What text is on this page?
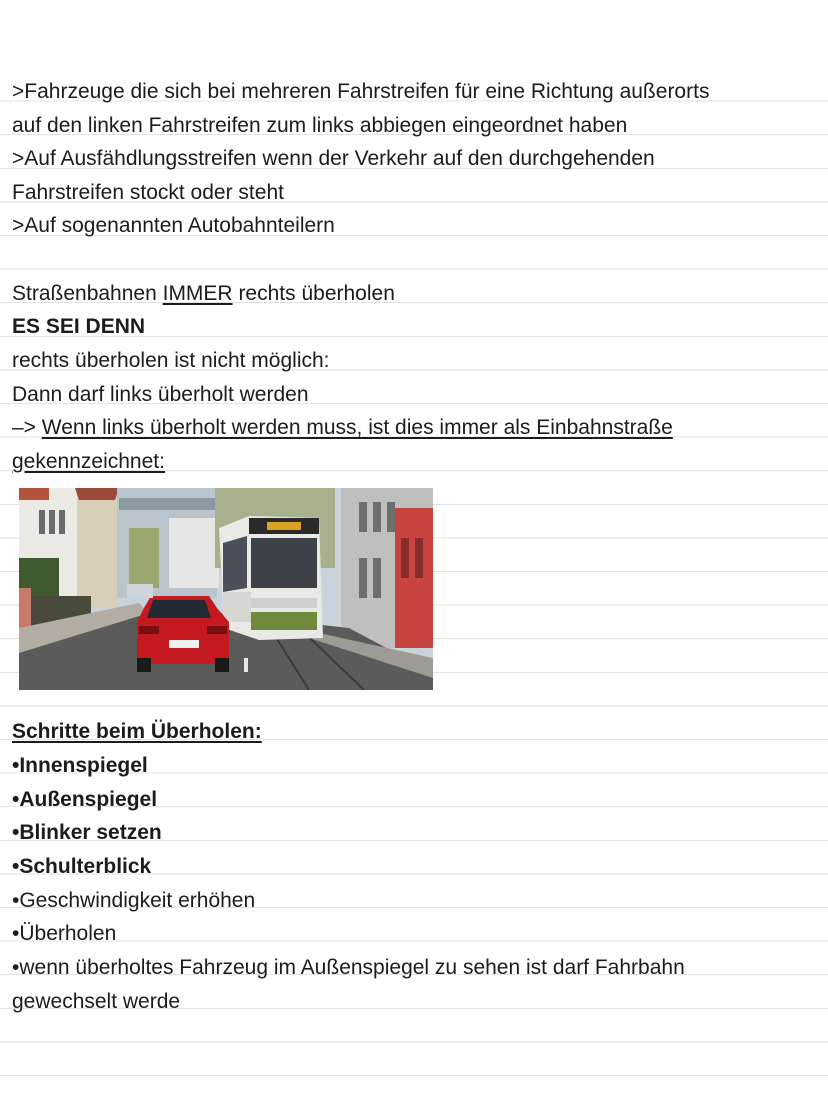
>Fahrzeuge die sich bei mehreren Fahrstreifen für eine Richtung außerorts
auf den linken Fahrstreifen zum links abbiegen eingeordnet haben
>Auf Ausfähdlungsstreifen wenn der Verkehr auf den durchgehenden
Fahrstreifen stockt oder steht
>Auf sogenannten Autobahnteilern
Straßenbahnen IMMER rechts überholen
ES SEI DENN
rechts überholen ist nicht möglich:
Dann darf links überholt werden
–> Wenn links überholt werden muss, ist dies immer als Einbahnstraße
gekennzeichnet:
Schritte beim Überholen:
•Innenspiegel
•Außenspiegel
•Blinker setzen
•Schulterblick
•Geschwindigkeit erhöhen
•Überholen
•wenn überholtes Fahrzeug im Außenspiegel zu sehen ist darf Fahrbahn
gewechselt werde
